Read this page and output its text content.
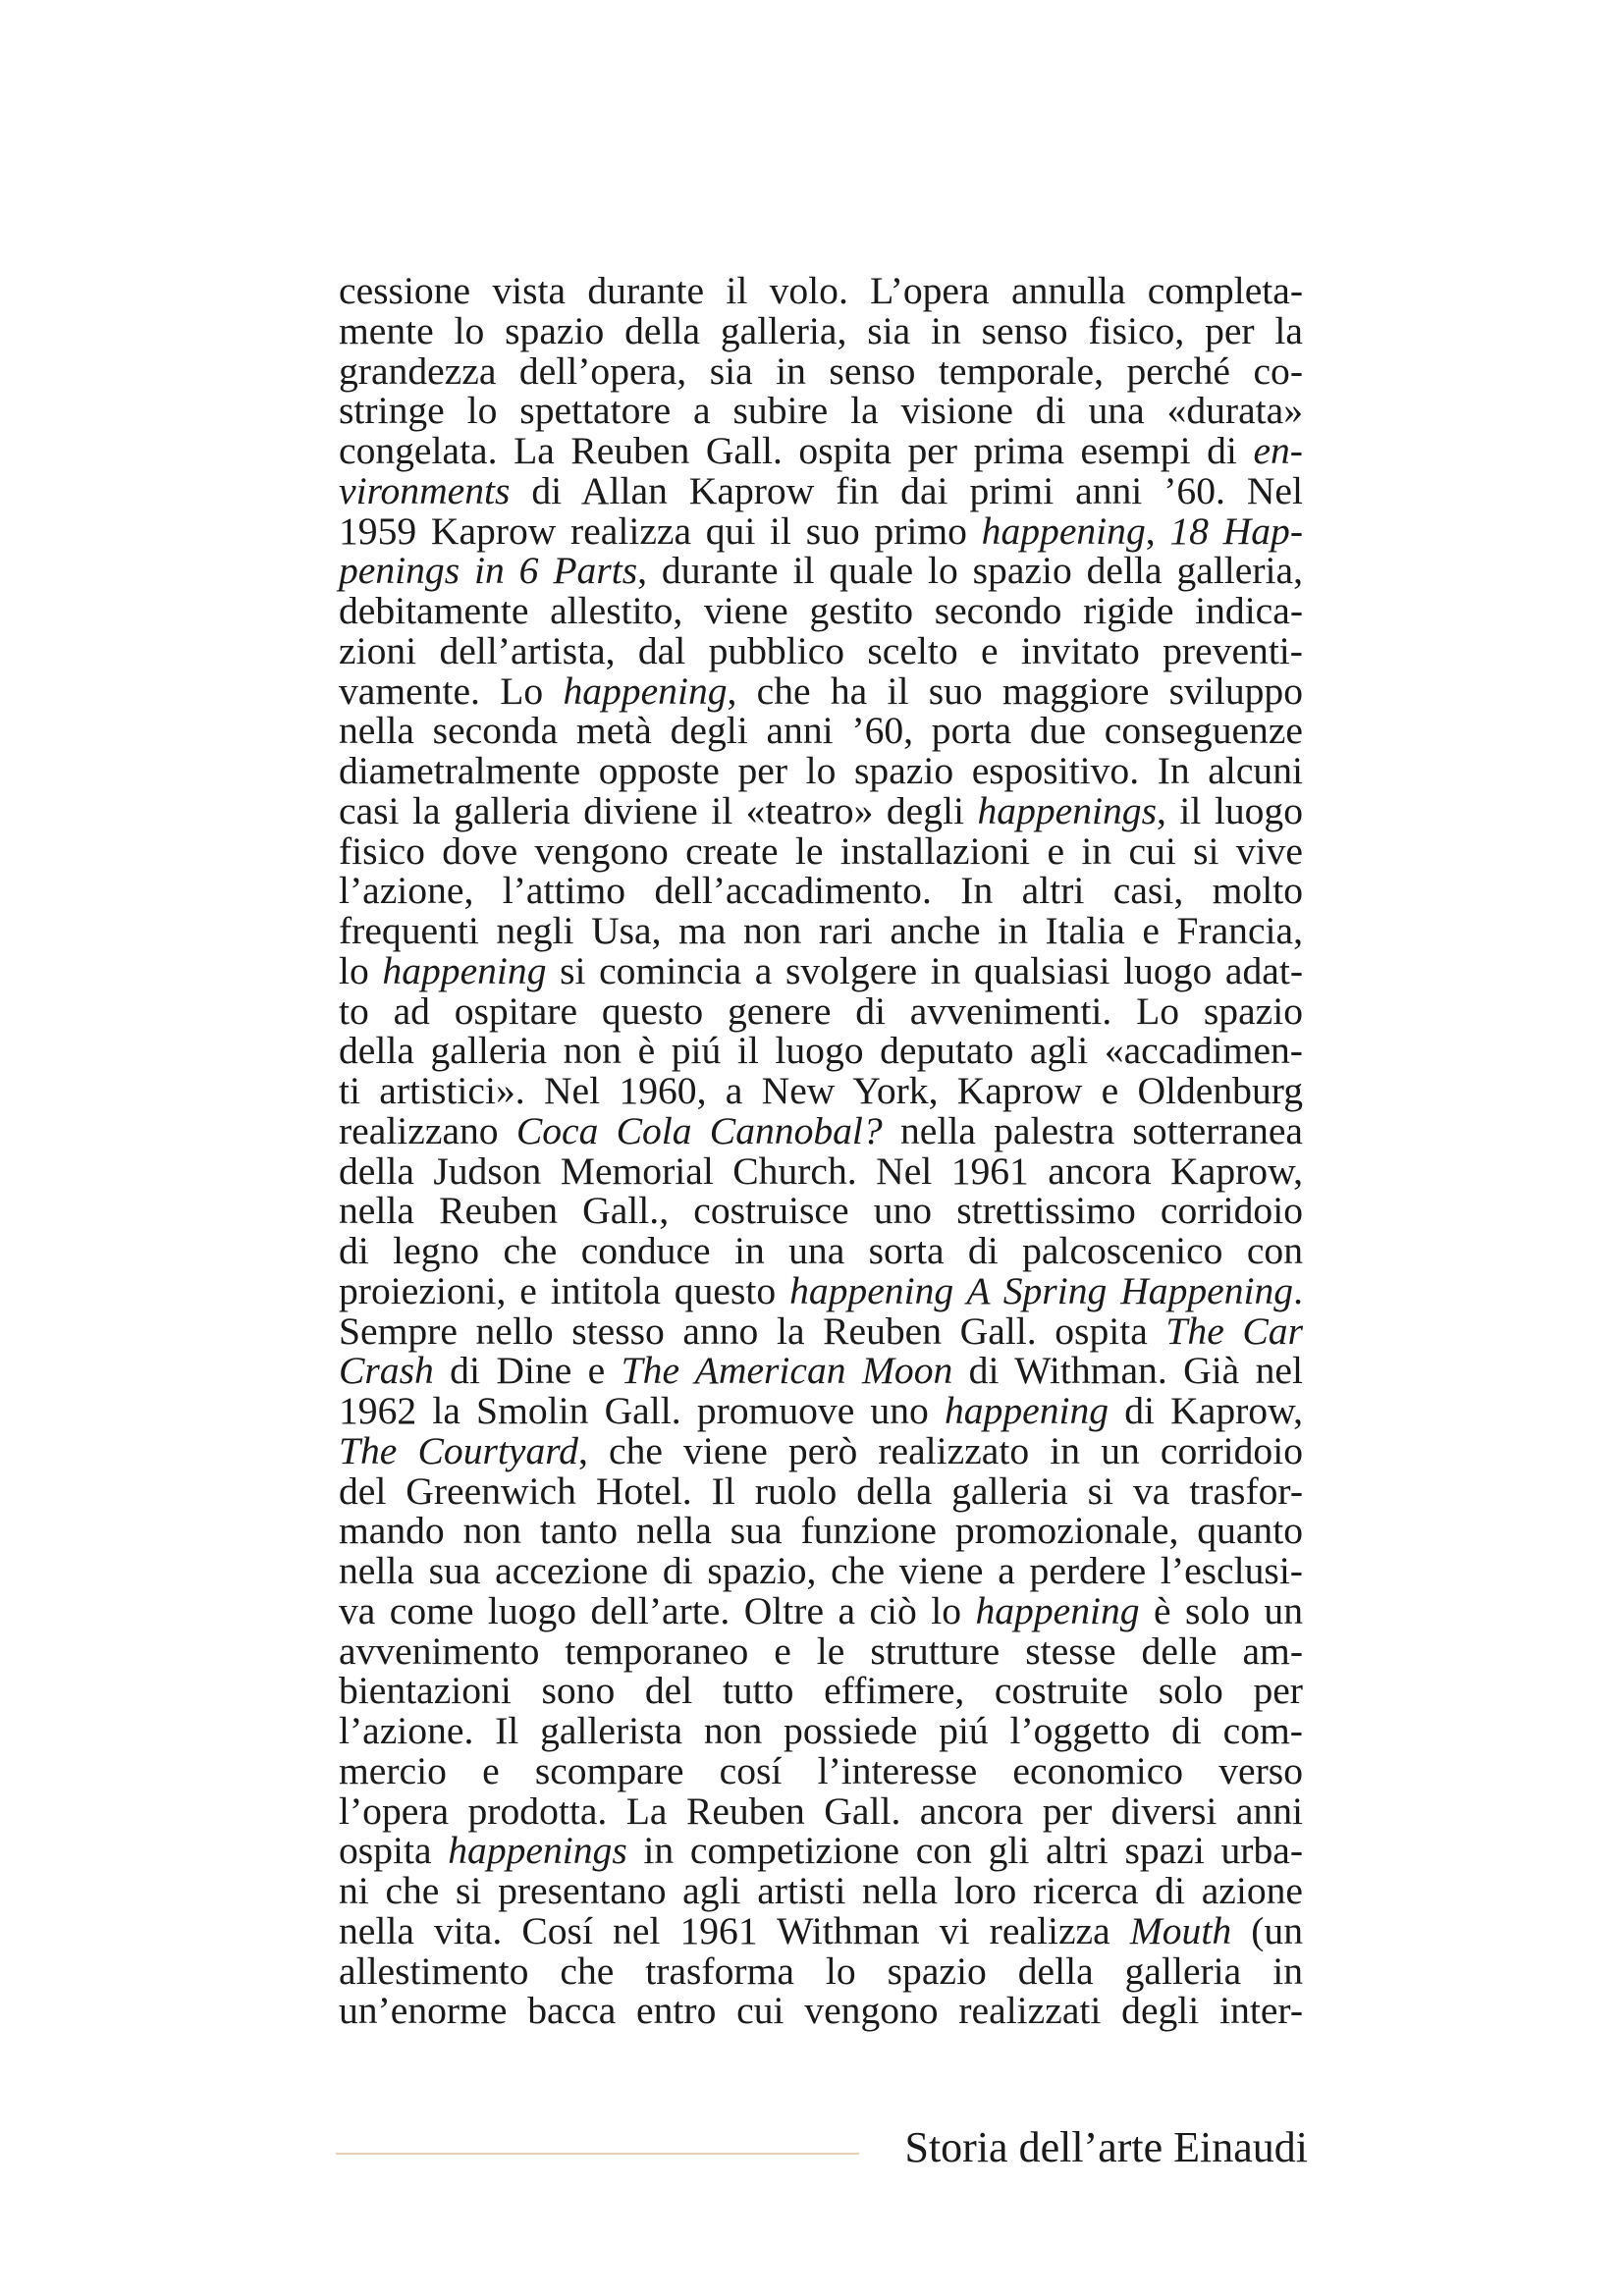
cessione vista durante il volo. L’opera annulla completa-
mente lo spazio della galleria, sia in senso fisico, per la
grandezza dell’opera, sia in senso temporale, perché co-
stringe lo spettatore a subire la visione di una «durata»
congelata. La Reuben Gall. ospita per prima esempi di en-
vironments di Allan Kaprow fin dai primi anni ’60. Nel
1959 Kaprow realizza qui il suo primo happening, 18 Hap-
penings in 6 Parts, durante il quale lo spazio della galleria,
debitamente allestito, viene gestito secondo rigide indica-
zioni dell’artista, dal pubblico scelto e invitato preventi-
vamente. Lo happening, che ha il suo maggiore sviluppo
nella seconda metà degli anni ’60, porta due conseguenze
diametralmente opposte per lo spazio espositivo. In alcuni
casi la galleria diviene il «teatro» degli happenings, il luogo
fisico dove vengono create le installazioni e in cui si vive
l’azione, l’attimo dell’accadimento. In altri casi, molto
frequenti negli Usa, ma non rari anche in Italia e Francia,
lo happening si comincia a svolgere in qualsiasi luogo adat-
to ad ospitare questo genere di avvenimenti. Lo spazio
della galleria non è piú il luogo deputato agli «accadimen-
ti artistici». Nel 1960, a New York, Kaprow e Oldenburg
realizzano Coca Cola Cannobal? nella palestra sotterranea
della Judson Memorial Church. Nel 1961 ancora Kaprow,
nella Reuben Gall., costruisce uno strettissimo corridoio
di legno che conduce in una sorta di palcoscenico con
proiezioni, e intitola questo happening A Spring Happening.
Sempre nello stesso anno la Reuben Gall. ospita The Car
Crash di Dine e The American Moon di Withman. Già nel
1962 la Smolin Gall. promuove uno happening di Kaprow,
The Courtyard, che viene però realizzato in un corridoio
del Greenwich Hotel. Il ruolo della galleria si va trasfor-
mando non tanto nella sua funzione promozionale, quanto
nella sua accezione di spazio, che viene a perdere l’esclusi-
va come luogo dell’arte. Oltre a ciò lo happening è solo un
avvenimento temporaneo e le strutture stesse delle am-
bientazioni sono del tutto effimere, costruite solo per
l’azione. Il gallerista non possiede piú l’oggetto di com-
mercio e scompare cosí l’interesse economico verso
l’opera prodotta. La Reuben Gall. ancora per diversi anni
ospita happenings in competizione con gli altri spazi urba-
ni che si presentano agli artisti nella loro ricerca di azione
nella vita. Cosí nel 1961 Withman vi realizza Mouth (un
allestimento che trasforma lo spazio della galleria in
un’enorme bacca entro cui vengono realizzati degli inter-
Storia dell’arte Einaudi
